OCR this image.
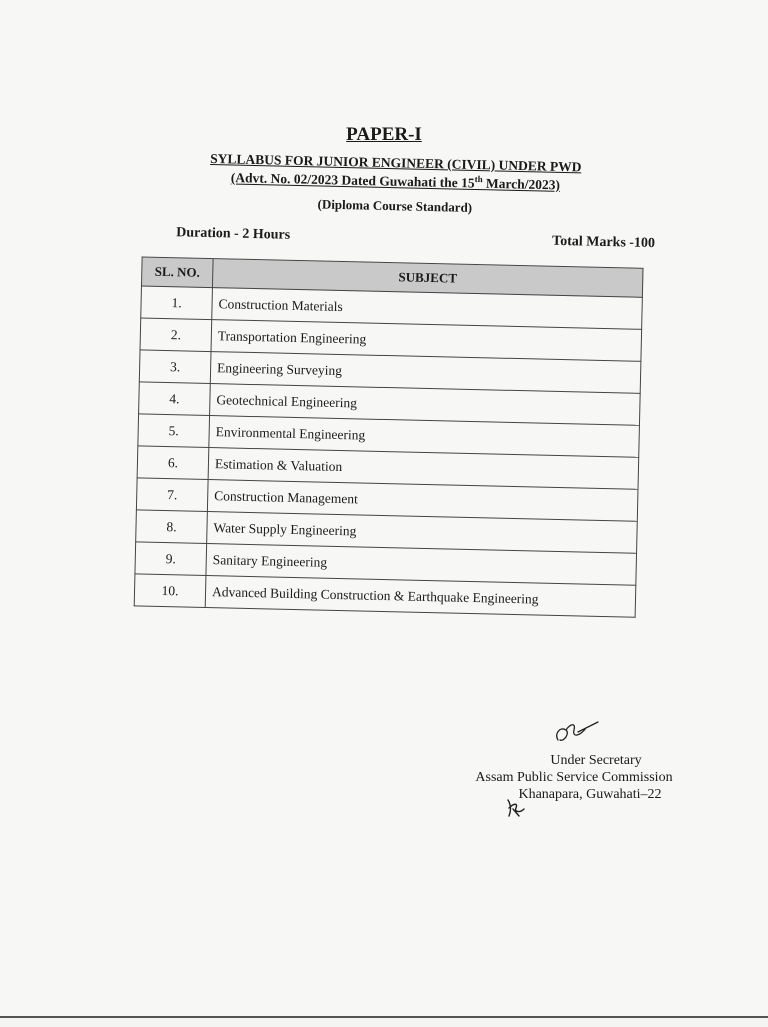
PAPER-I
SYLLABUS FOR JUNIOR ENGINEER (CIVIL) UNDER PWD
(Advt. No. 02/2023 Dated Guwahati the 15th March/2023)
(Diploma Course Standard)
Duration - 2 Hours	Total Marks -100
SL. NO.	SUBJECT
1.	Construction Materials
2.	Transportation Engineering
3.	Engineering Surveying
4.	Geotechnical Engineering
5.	Environmental Engineering
6.	Estimation & Valuation
7.	Construction Management
8.	Water Supply Engineering
9.	Sanitary Engineering
10.	Advanced Building Construction & Earthquake Engineering
Under Secretary
Assam Public Service Commission
Khanapara, Guwahati–22
